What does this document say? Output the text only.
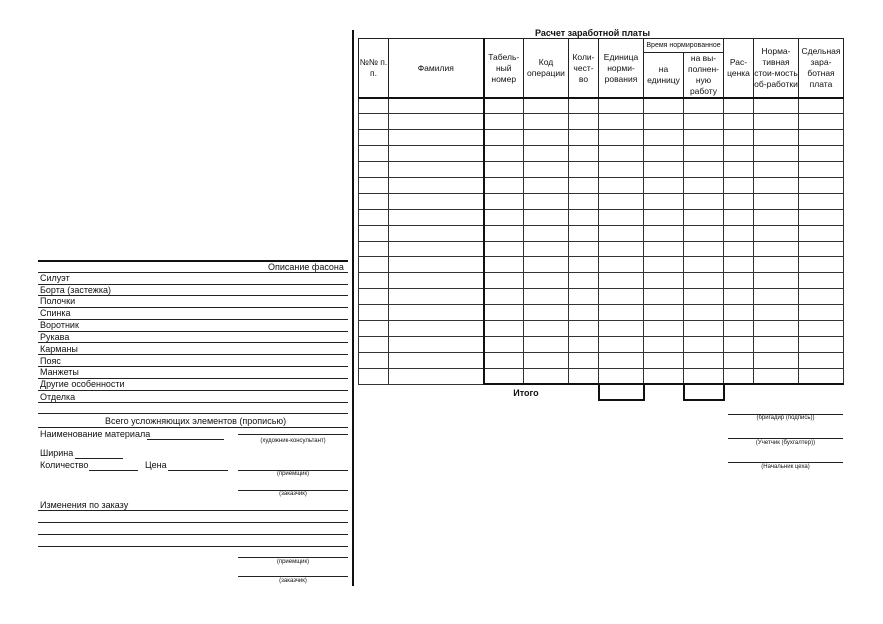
Описание фасона
Силуэт
Борта (застежка)
Полочки
Спинка
Воротник
Рукава
Карманы
Пояс
Манжеты
Другие особенности
Отделка
Всего усложняющих элементов (прописью)
Наименование материала
(художник-консультант)
Ширина
Количество	Цена
(приемщик)
(заказчик)
Изменения по заказу
(приемщик)
(заказчик)
Расчет заработной платы
№№ п. п.	Фамилия	Табель-ный номер	Код операции	Коли-чест-во	Единица норми-рования	Время нормированное		Рас-ценка	Норма-тивная стои-мость об-работки	Сдельная зара-ботная плата
						на единицу	на вы-полнен-ную работу			

		Итого								
(бригадир (подпись))
(Учетчик (бухгалтер))
(Начальник цеха)
